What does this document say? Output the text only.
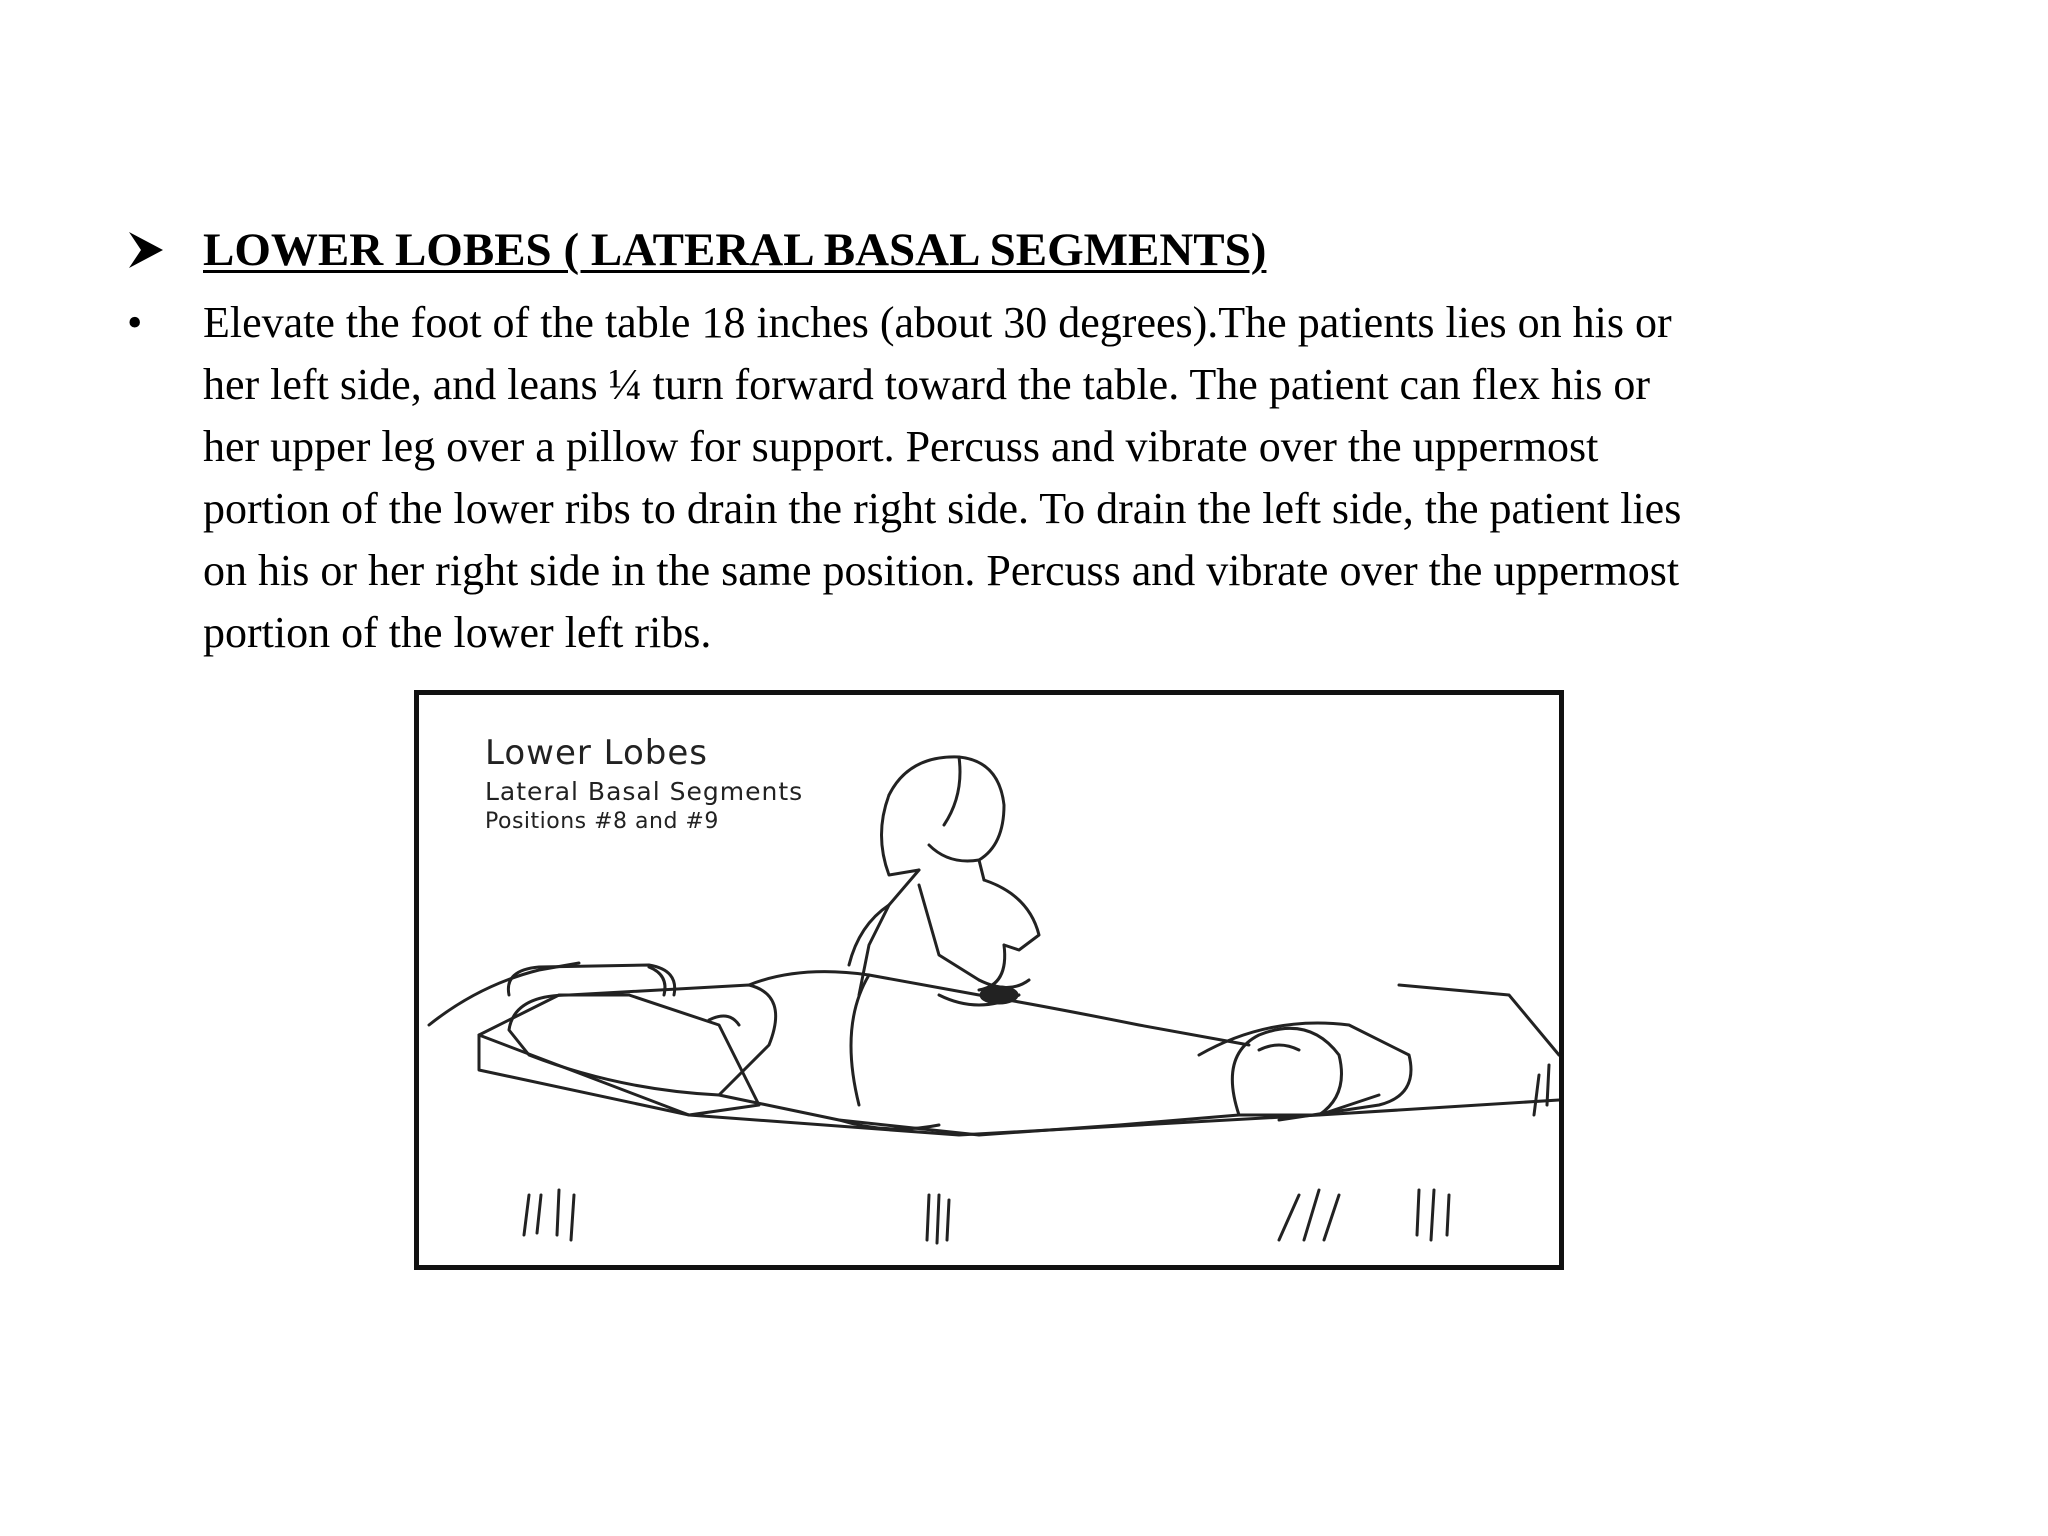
LOWER LOBES ( LATERAL BASAL SEGMENTS)
• Elevate the foot of the table 18 inches (about 30 degrees).The patients lies on his or
her left side, and leans ¼ turn forward toward the table. The patient can flex his or
her upper leg over a pillow for support. Percuss and vibrate over the uppermost
portion of the lower ribs to drain the right side. To drain the left side, the patient lies
on his or her right side in the same position. Percuss and vibrate over the uppermost
portion of the lower left ribs.
Lower Lobes
Lateral Basal Segments
Positions #8 and #9
